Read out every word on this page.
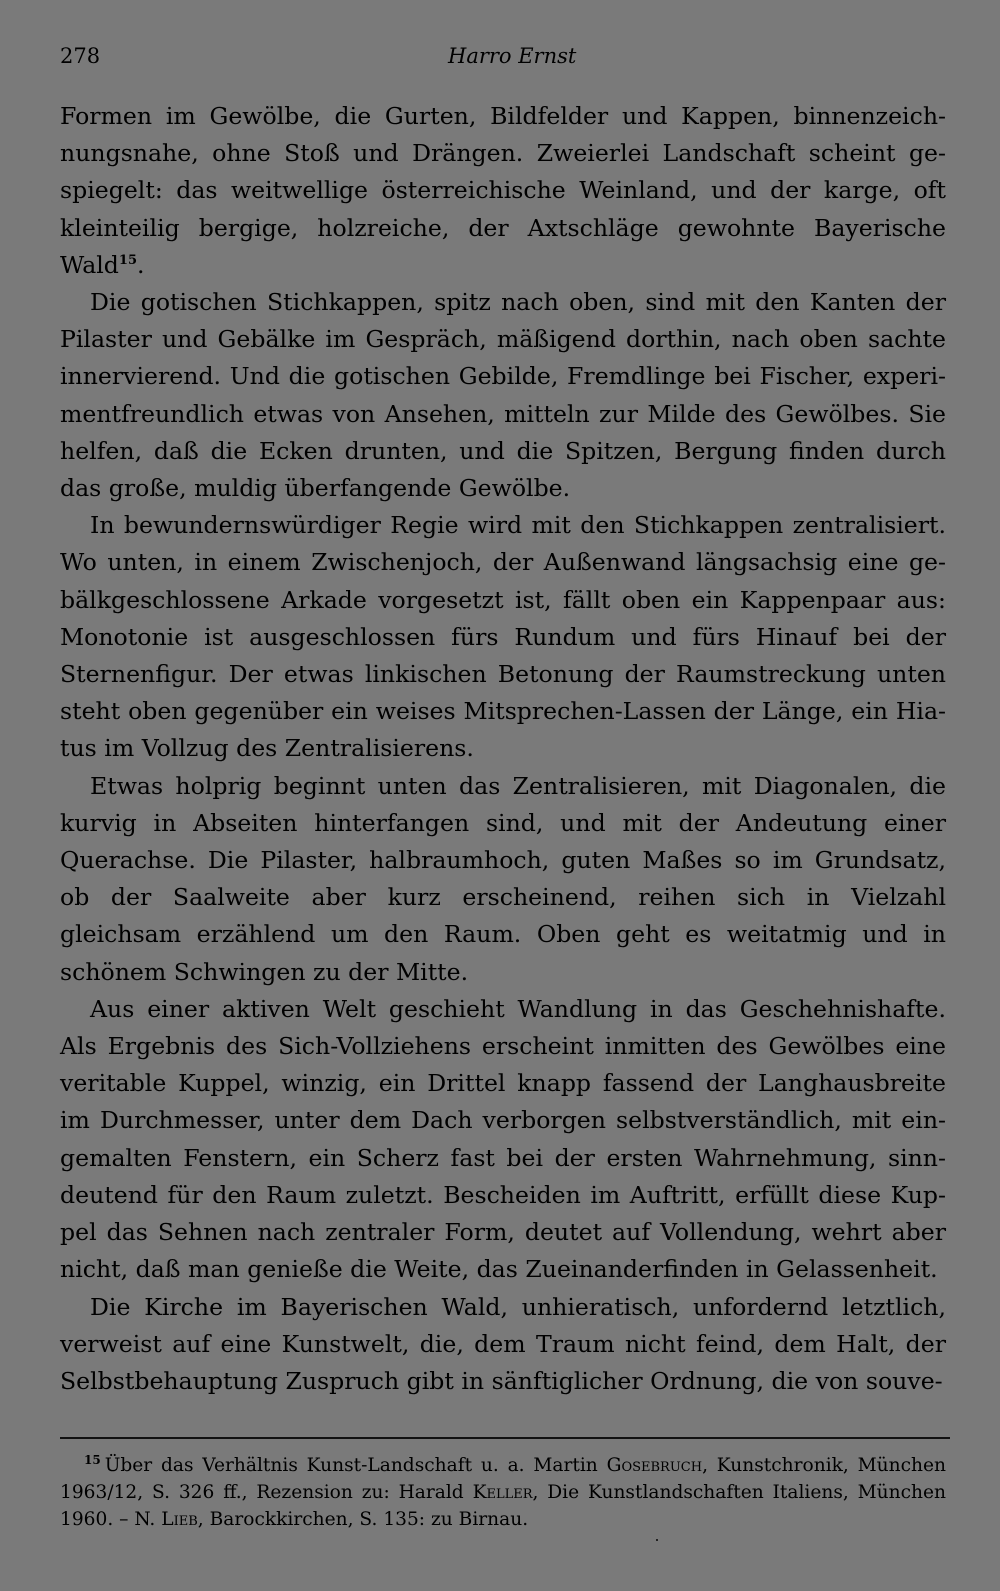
278	Harro Ernst

Formen im Gewölbe, die Gurten, Bildfelder und Kappen, binnenzeichnungsnahe, ohne Stoß und Drängen. Zweierlei Landschaft scheint gespiegelt: das weitwellige österreichische Weinland, und der karge, oft kleinteilig bergige, holzreiche, der Axtschläge gewohnte Bayerische Wald$^{15}$.

Die gotischen Stichkappen, spitz nach oben, sind mit den Kanten der Pilaster und Gebälke im Gespräch, mäßigend dorthin, nach oben sachte innervierend. Und die gotischen Gebilde, Fremdlinge bei Fischer, experimentfreundlich etwas von Ansehen, mitteln zur Milde des Gewölbes. Sie helfen, daß die Ecken drunten, und die Spitzen, Bergung finden durch das große, muldig überfangende Gewölbe.

In bewundernswürdiger Regie wird mit den Stichkappen zentralisiert. Wo unten, in einem Zwischenjoch, der Außenwand längsachsig eine gebälkgeschlossene Arkade vorgesetzt ist, fällt oben ein Kappenpaar aus: Monotonie ist ausgeschlossen fürs Rundum und fürs Hinauf bei der Sternenfigur. Der etwas linkischen Betonung der Raumstreckung unten steht oben gegenüber ein weises Mitsprechen-Lassen der Länge, ein Hiatus im Vollzug des Zentralisierens.

Etwas holprig beginnt unten das Zentralisieren, mit Diagonalen, die kurvig in Abseiten hinterfangen sind, und mit der Andeutung einer Querachse. Die Pilaster, halbraumhoch, guten Maßes so im Grundsatz, ob der Saalweite aber kurz erscheinend, reihen sich in Vielzahl gleichsam erzählend um den Raum. Oben geht es weitatmig und in schönem Schwingen zu der Mitte.

Aus einer aktiven Welt geschieht Wandlung in das Geschehnishafte. Als Ergebnis des Sich-Vollziehens erscheint inmitten des Gewölbes eine veritable Kuppel, winzig, ein Drittel knapp fassend der Langhausbreite im Durchmesser, unter dem Dach verborgen selbstverständlich, mit eingemalten Fenstern, ein Scherz fast bei der ersten Wahrnehmung, sinndeutend für den Raum zuletzt. Bescheiden im Auftritt, erfüllt diese Kuppel das Sehnen nach zentraler Form, deutet auf Vollendung, wehrt aber nicht, daß man genieße die Weite, das Zueinanderfinden in Gelassenheit.

Die Kirche im Bayerischen Wald, unhieratisch, unfordernd letztlich, verweist auf eine Kunstwelt, die, dem Traum nicht feind, dem Halt, der Selbstbehauptung Zuspruch gibt in sänftiglicher Ordnung, die von souve-

$^{15}$ Über das Verhältnis Kunst-Landschaft u. a. Martin Gosebruch, Kunstchronik, München 1963/12, S. 326 ff., Rezension zu: Harald Keller, Die Kunstlandschaften Italiens, München 1960. – N. Lieb, Barockkirchen, S. 135: zu Birnau.
